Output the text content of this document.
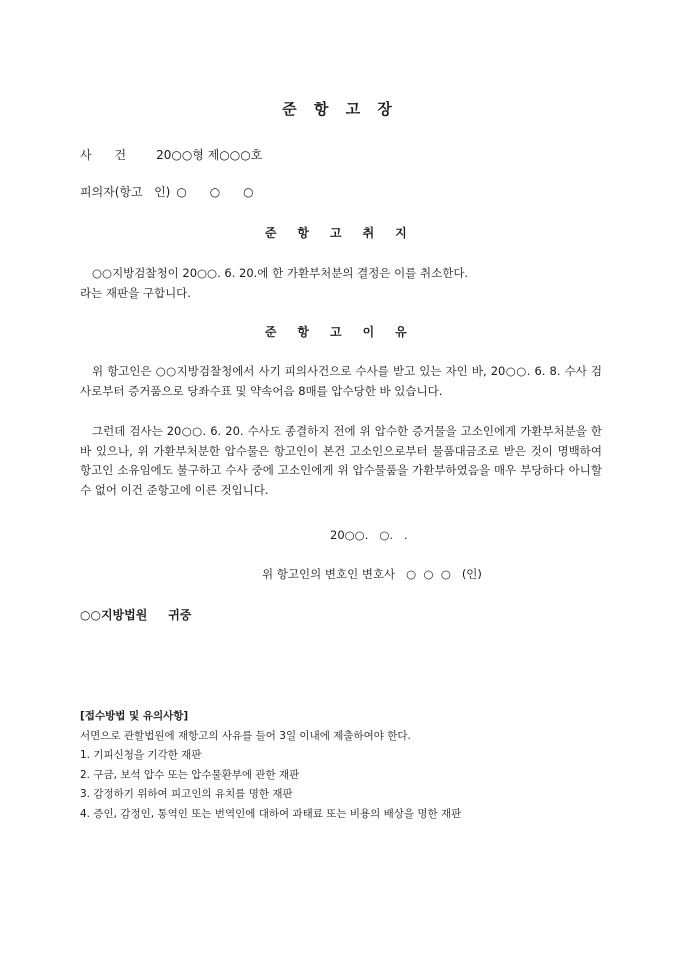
준 항 고 장
사      건	20○○형 제○○○호
피의자(항고   인) ○      ○      ○
준 항 고 취 지
○○지방검찰청이 20○○. 6. 20.에 한 가환부처분의 결정은 이를 취소한다.
라는 재판을 구합니다.
준 항 고 이 유
위 항고인은 ○○지방검찰청에서 사기 피의사건으로 수사를 받고 있는 자인 바, 20○○. 6. 8. 수사 검사로부터 증거품으로 당좌수표 및 약속어음 8매를 압수당한 바 있습니다.
그런데 검사는 20○○. 6. 20. 수사도 종결하지 전에 위 압수한 증거물을 고소인에게 가환부처분을 한바 있으나, 위 가환부처분한 압수물은 항고인이 본건 고소인으로부터 물품대금조로 받은 것이 명백하여 항고인 소유임에도 불구하고 수사 중에 고소인에게 위 압수물품을 가환부하였음을 매우 부당하다 아니할 수 없어 이건 준항고에 이른 것입니다.
20○○.   ○.   .
위 항고인의 변호인 변호사   ○  ○  ○   (인)
○○지방법원     귀중
[접수방법 및 유의사항]
서면으로 관할법원에 재항고의 사유를 들어 3일 이내에 제출하여야 한다.
1. 기피신청을 기각한 재판
2. 구금, 보석 압수 또는 압수물환부에 관한 재판
3. 감정하기 위하여 피고인의 유치를 명한 재판
4. 증인, 감정인, 통역인 또는 번역인에 대하여 과태료 또는 비용의 배상을 명한 재판
